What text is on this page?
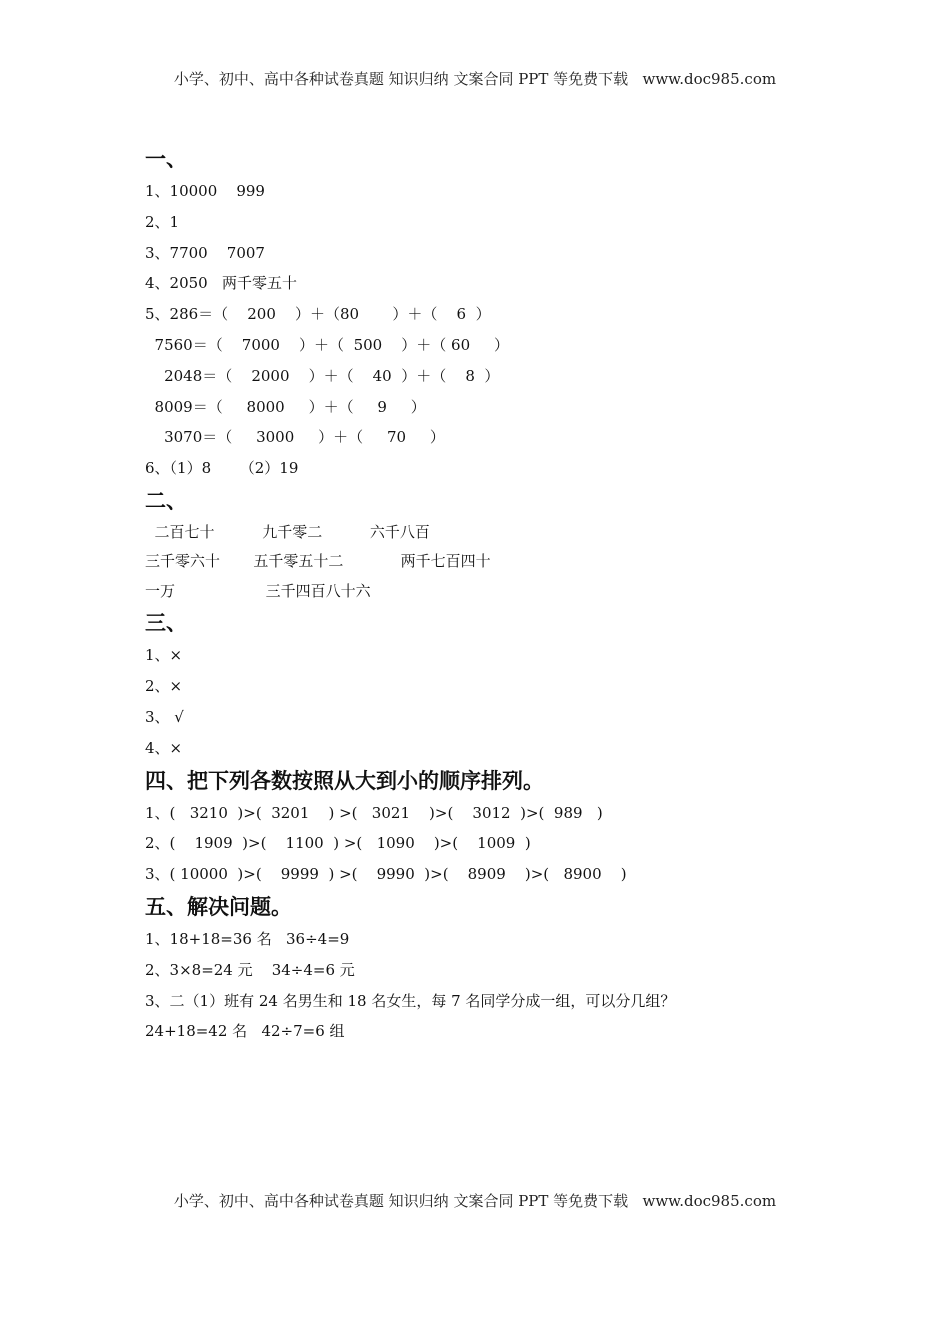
小学、初中、高中各种试卷真题 知识归纳 文案合同 PPT 等免费下载   www.doc985.com
一、
1、10000    999
2、1
3、7700    7007
4、2050   两千零五十
5、286＝（    200    ）＋（80       ）＋（    6  ）
7560＝（    7000    ）＋（  500    ）＋（ 60     ）
2048＝（    2000    ）＋（    40  ）＋（    8  ）
8009＝（     8000     ）＋（     9     ）
3070＝（     3000     ）＋（     70     ）
6、（1）8      （2）19
二、
二百七十          九千零二          六千八百
三千零六十       五千零五十二            两千七百四十
一万                   三千四百八十六
三、
1、×
2、×
3、 √
4、×
四、把下列各数按照从大到小的顺序排列。
1、(   3210  )>(  3201    ) >(   3021    )>(    3012  )>(  989   )
2、(    1909  )>(    1100  ) >(   1090    )>(    1009  )
3、( 10000  )>(    9999  ) >(    9990  )>(    8909    )>(   8900    )
五、解决问题。
1、18+18=36 名   36÷4=9
2、3×8=24 元    34÷4=6 元
3、二（1）班有 24 名男生和 18 名女生，每 7 名同学分成一组，可以分几组？
24+18=42 名   42÷7=6 组
小学、初中、高中各种试卷真题 知识归纳 文案合同 PPT 等免费下载   www.doc985.com
